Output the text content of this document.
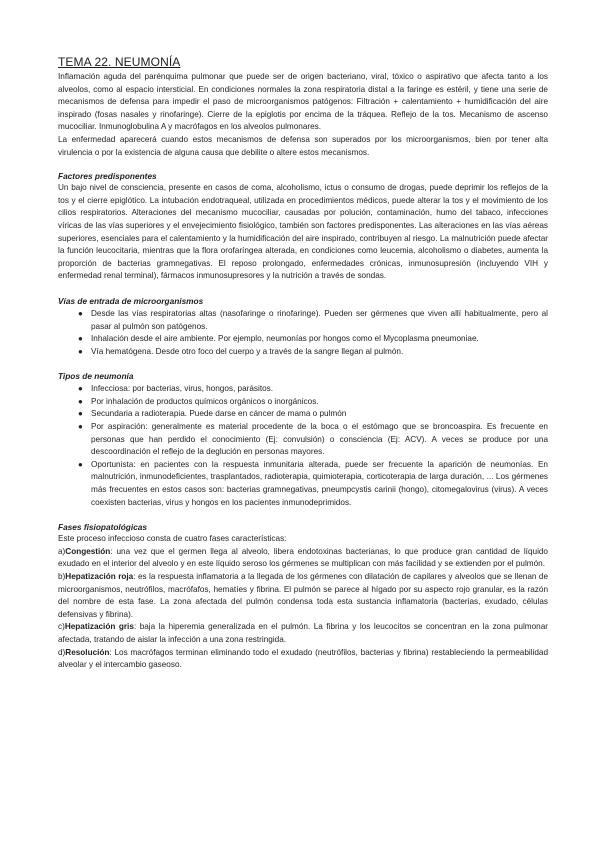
TEMA 22. NEUMONÍA

Inflamación aguda del parénquima pulmonar que puede ser de origen bacteriano, viral, tóxico o aspirativo que afecta tanto a los alveolos, como al espacio intersticial. En condiciones normales la zona respiratoria distal a la faringe es estéril, y tiene una serie de mecanismos de defensa para impedir el paso de microorganismos patógenos: Filtración + calentamiento + humidificación del aire inspirado (fosas nasales y rinofaringe). Cierre de la epiglotis por encima de la tráquea. Reflejo de la tos. Mecanismo de ascenso mucociliar. Inmunoglobulina A y macrófagos en los alveolos pulmonares.

La enfermedad aparecerá cuando estos mecanismos de defensa son superados por los microorganismos, bien por tener alta virulencia o por la existencia de alguna causa que debilite o altere estos mecanismos.

Factores predisponentes

Un bajo nivel de consciencia, presente en casos de coma, alcoholismo, ictus o consumo de drogas, puede deprimir los reflejos de la tos y el cierre epiglótico. La intubación endotraqueal, utilizada en procedimientos médicos, puede alterar la tos y el movimiento de los cilios respiratorios. Alteraciones del mecanismo mucociliar, causadas por polución, contaminación, humo del tabaco, infecciones víricas de las vías superiores y el envejecimiento fisiológico, también son factores predisponentes. Las alteraciones en las vías aéreas superiores, esenciales para el calentamiento y la humidificación del aire inspirado, contribuyen al riesgo. La malnutrición puede afectar la función leucocitaria, mientras que la flora orofaríngea alterada, en condiciones como leucemia, alcoholismo o diabetes, aumenta la proporción de bacterias gramnegativas. El reposo prolongado, enfermedades crónicas, inmunosupresión (incluyendo VIH y enfermedad renal terminal), fármacos inmunosupresores y la nutrición a través de sondas.

Vías de entrada de microorganismos
● Desde las vías respiratorias altas (nasofaringe o rinofaringe). Pueden ser gérmenes que viven allí habitualmente, pero al pasar al pulmón son patógenos.
● Inhalación desde el aire ambiente. Por ejemplo, neumonías por hongos como el Mycoplasma pneumoniae.
● Vía hematógena. Desde otro foco del cuerpo y a través de la sangre llegan al pulmón.
Tipos de neumonía
● Infecciosa: por bacterias, virus, hongos, parásitos.
● Por inhalación de productos químicos orgánicos o inorgánicos.
● Secundaria a radioterapia. Puede darse en cáncer de mama o pulmón
● Por aspiración: generalmente es material procedente de la boca o el estómago que se broncoaspira. Es frecuente en personas que han perdido el conocimiento (Ej: convulsión) o consciencia (Ej: ACV). A veces se produce por una descoordinación el reflejo de la deglución en personas mayores.
● Oportunista: en pacientes con la respuesta inmunitaria alterada, puede ser frecuente la aparición de neumonías. En malnutrición, inmunodeficientes, trasplantados, radioterapia, quimioterapia, corticoterapia de larga duración, ... Los gérmenes más frecuentes en estos casos son: bacterias gramnegativas, pneumpcystis carinii (hongo), citomegalovirus (virus). A veces coexisten bacterias, virus y hongos en los pacientes inmunodeprimidos.
Fases fisiopatológicas

Este proceso infeccioso consta de cuatro fases características:

a)Congestión: una vez que el germen llega al alveolo, libera endotoxinas bacterianas, lo que produce gran cantidad de líquido exudado en el interior del alveolo y en este líquido seroso los gérmenes se multiplican con más facilidad y se extienden por el pulmón.

b)Hepatización roja: es la respuesta inflamatoria a la llegada de los gérmenes con dilatación de capilares y alveolos que se llenan de microorganismos, neutrófilos, macrófafos, hematíes y fibrina. El pulmón se parece al hígado por su aspecto rojo granular, es la razón del nombre de esta fase. La zona afectada del pulmón condensa toda esta sustancia inflamatoria (bacterias, exudado, células defensivas y fibrina).

c)Hepatización gris: baja la hiperemia generalizada en el pulmón. La fibrina y los leucocitos se concentran en la zona pulmonar afectada, tratando de aislar la infección a una zona restringida.

d)Resolución: Los macrófagos terminan eliminando todo el exudado (neutrófilos, bacterias y fibrina) restableciendo la permeabilidad alveolar y el intercambio gaseoso.
